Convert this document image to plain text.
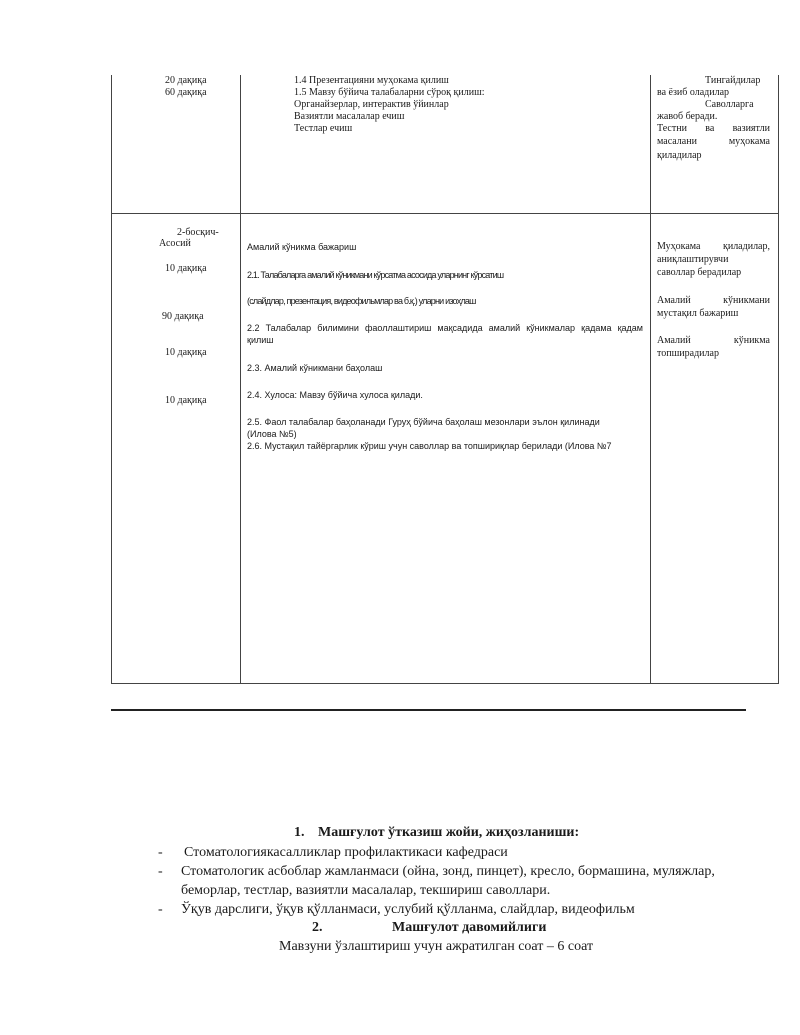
20 дақиқа
60 дақиқа
1.4 Презентацияни муҳокама қилиш
1.5 Мавзу бўйича талабаларни сўроқ қилиш:
Органайзерлар, интерактив ўйинлар
Вазиятли масалалар ечиш
Тестлар ечиш
Тингайдилар
ва ёзиб оладилар
Саволларга
жавоб беради.
Тестни ва вазиятли
масалани муҳокама
қиладилар
2-босқич-
Асосий
10 дақиқа
90 дақиқа
10 дақиқа
10 дақиқа
Амалий кўникма бажариш
2.1. Талабаларга амалий кўникмани кўрсатма асосида уларнинг кўрсатиш
(слайдлар, презентация, видеофильмлар ва б.қ.) уларни изоҳлаш
2.2 Талабалар билимини фаоллаштириш мақсадида амалий кўникмалар қадама қадам
қилиш
2.3. Амалий кўникмани баҳолаш
2.4. Хулоса: Мавзу бўйича хулоса қилади.
2.5. Фаол талабалар баҳоланади Гуруҳ бўйича баҳолаш мезонлари эълон қилинади
(Илова №5)
2.6. Мустақил тайёргарлик кўриш учун саволлар ва топшириқлар берилади (Илова №7
Муҳокама қиладилар,
аниқлаштирувчи
саволлар берадилар
Амалий кўникмани
мустақил бажариш
Амалий кўникма
топширадилар
1. Машғулот ўтказиш жойи, жиҳозланиши:
- Стоматологиякасалликлар профилактикаси кафедраси
- Стоматологик асбоблар жамланмаси (ойна, зонд, пинцет), кресло, бормашина, муляжлар,
беморлар, тестлар, вазиятли масалалар, текшириш саволлари.
- Ўқув дарслиги, ўқув қўлланмаси, услубий қўлланма, слайдлар, видеофильм
2.	Машғулот давомийлиги
Мавзуни ўзлаштириш учун ажратилган соат – 6 соат
